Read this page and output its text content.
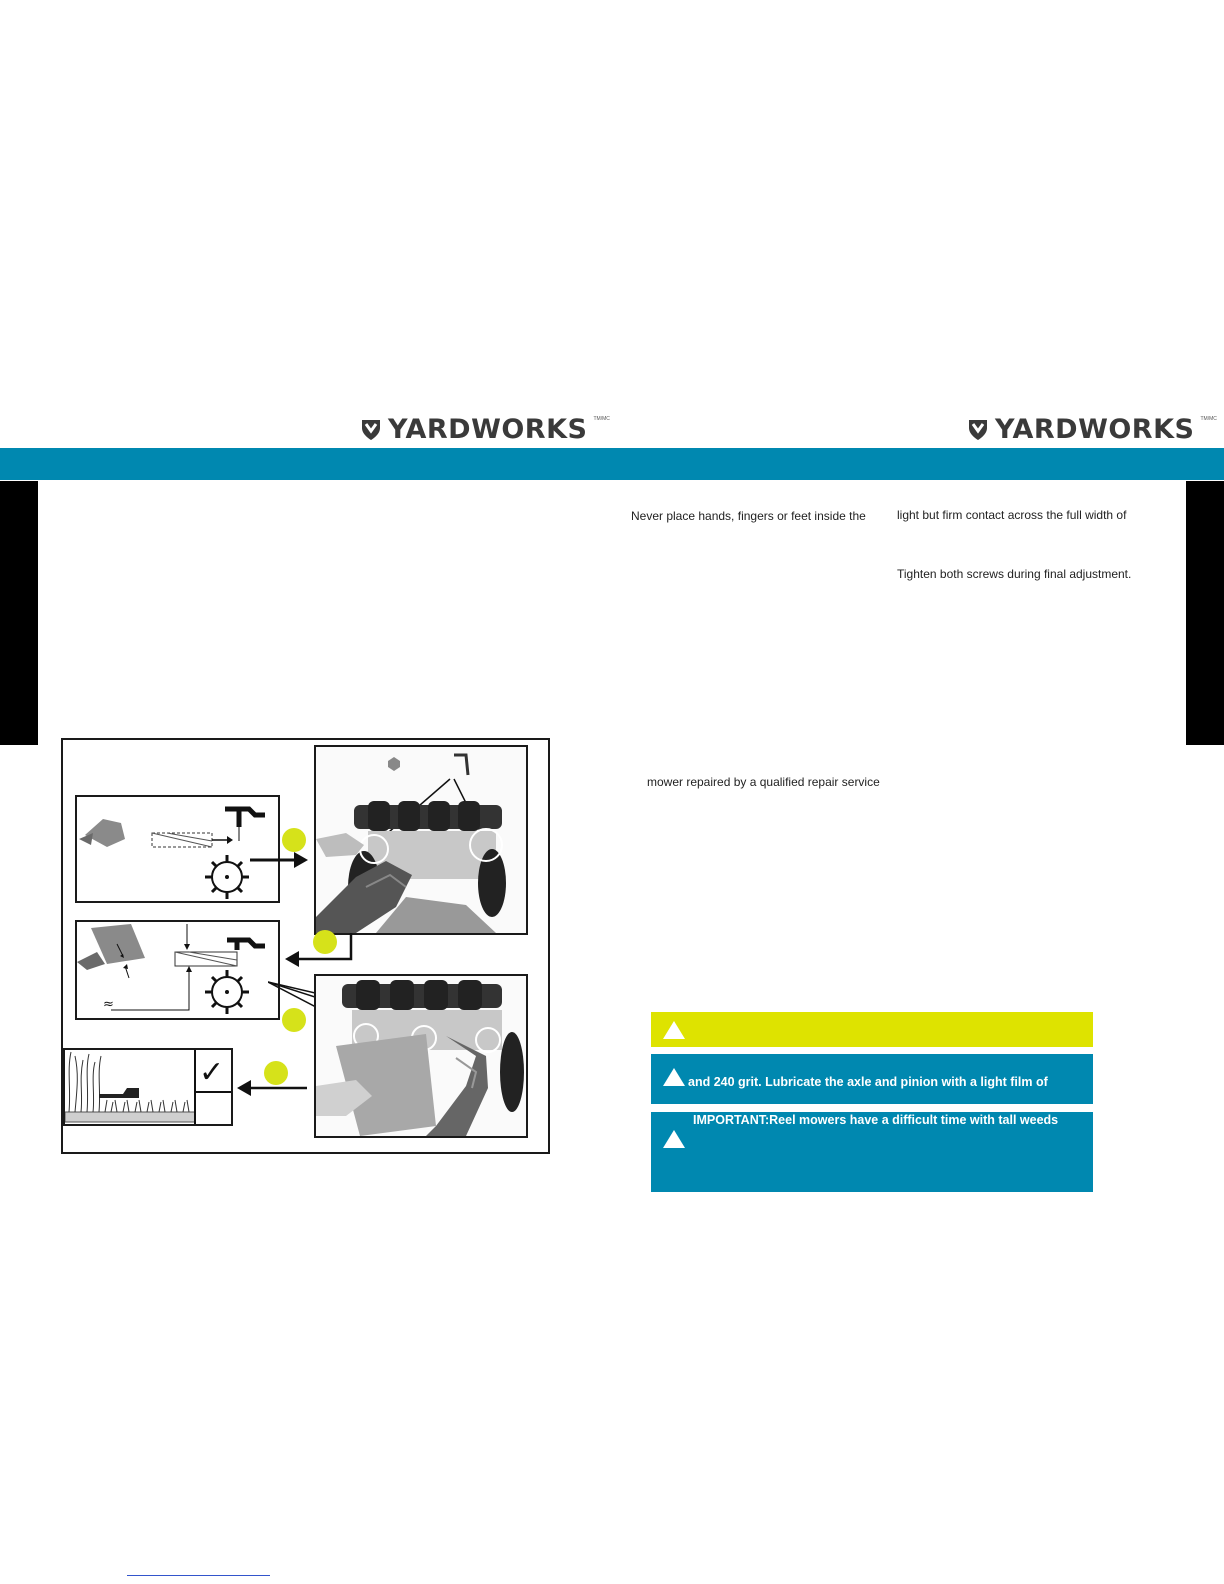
YARDWORKS TM/MC	YARDWORKS TM/MC
Never place hands, fingers or feet inside the	light but firm contact across the full width of
Tighten both screws during final adjustment.
mower repaired by a qualified repair service
≈
✓	and 240 grit. Lubricate the axle and pinion with a light film of
IMPORTANT:Reel mowers have a difficult time with tall weeds
